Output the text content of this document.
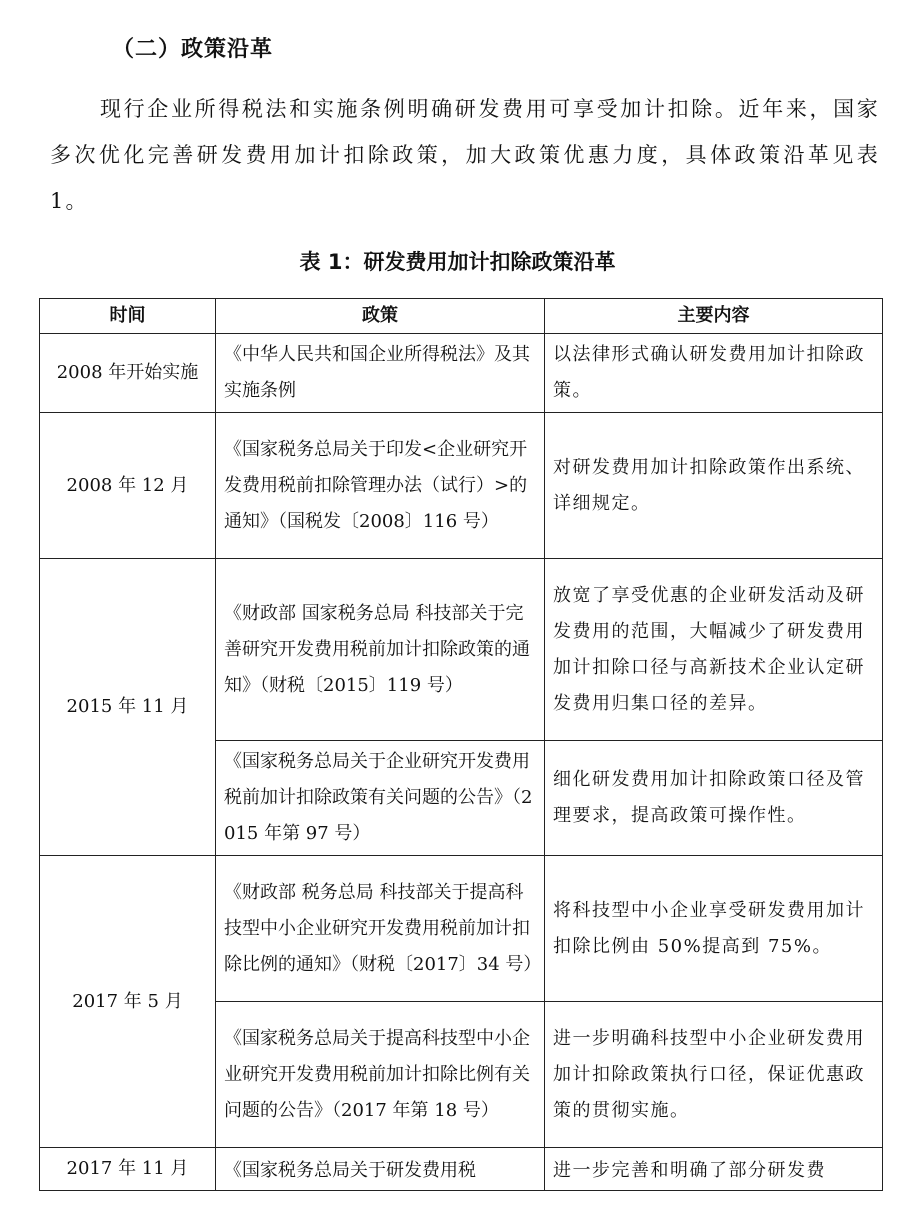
（二）政策沿革
现行企业所得税法和实施条例明确研发费用可享受加计扣除。近年来，国家多次优化完善研发费用加计扣除政策，加大政策优惠力度，具体政策沿革见表 1。
表 1：研发费用加计扣除政策沿革
时间	政策	主要内容
2008 年开始实施	《中华人民共和国企业所得税法》及其实施条例	以法律形式确认研发费用加计扣除政策。
2008 年 12 月	《国家税务总局关于印发<企业研究开发费用税前扣除管理办法（试行）>的通知》（国税发〔2008〕116 号）	对研发费用加计扣除政策作出系统、详细规定。
2015 年 11 月	《财政部 国家税务总局 科技部关于完善研究开发费用税前加计扣除政策的通知》（财税〔2015〕119 号）	放宽了享受优惠的企业研发活动及研发费用的范围，大幅减少了研发费用加计扣除口径与高新技术企业认定研发费用归集口径的差异。
	《国家税务总局关于企业研究开发费用税前加计扣除政策有关问题的公告》（2015 年第 97 号）	细化研发费用加计扣除政策口径及管理要求，提高政策可操作性。
2017 年 5 月	《财政部 税务总局 科技部关于提高科技型中小企业研究开发费用税前加计扣除比例的通知》（财税〔2017〕34 号）	将科技型中小企业享受研发费用加计扣除比例由 50%提高到 75%。
	《国家税务总局关于提高科技型中小企业研究开发费用税前加计扣除比例有关问题的公告》（2017 年第 18 号）	进一步明确科技型中小企业研发费用加计扣除政策执行口径，保证优惠政策的贯彻实施。
2017 年 11 月	《国家税务总局关于研发费用税	进一步完善和明确了部分研发费
